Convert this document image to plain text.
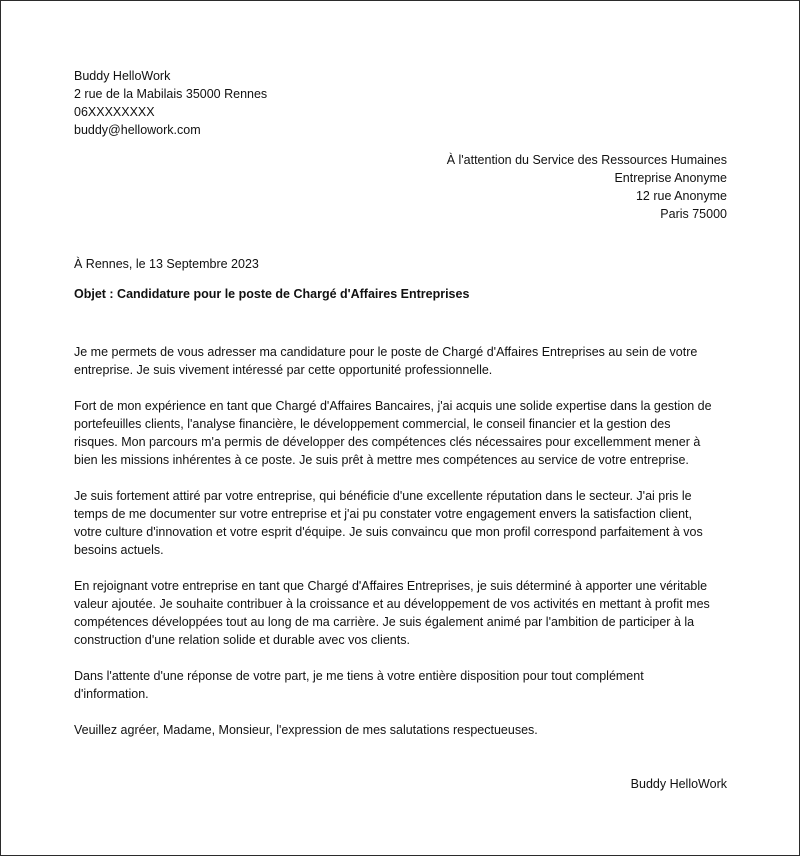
Buddy HelloWork
2 rue de la Mabilais 35000 Rennes
06XXXXXXXX
buddy@hellowork.com
À l'attention du Service des Ressources Humaines
Entreprise Anonyme
12 rue Anonyme
Paris 75000
À Rennes, le 13 Septembre 2023
Objet : Candidature pour le poste de Chargé d'Affaires Entreprises

Je me permets de vous adresser ma candidature pour le poste de Chargé d'Affaires Entreprises au sein de votre
entreprise. Je suis vivement intéressé par cette opportunité professionnelle.

Fort de mon expérience en tant que Chargé d'Affaires Bancaires, j'ai acquis une solide expertise dans la gestion de
portefeuilles clients, l'analyse financière, le développement commercial, le conseil financier et la gestion des
risques. Mon parcours m'a permis de développer des compétences clés nécessaires pour excellemment mener à
bien les missions inhérentes à ce poste. Je suis prêt à mettre mes compétences au service de votre entreprise.

Je suis fortement attiré par votre entreprise, qui bénéficie d'une excellente réputation dans le secteur. J'ai pris le
temps de me documenter sur votre entreprise et j'ai pu constater votre engagement envers la satisfaction client,
votre culture d'innovation et votre esprit d'équipe. Je suis convaincu que mon profil correspond parfaitement à vos
besoins actuels.

En rejoignant votre entreprise en tant que Chargé d'Affaires Entreprises, je suis déterminé à apporter une véritable
valeur ajoutée. Je souhaite contribuer à la croissance et au développement de vos activités en mettant à profit mes
compétences développées tout au long de ma carrière. Je suis également animé par l'ambition de participer à la
construction d'une relation solide et durable avec vos clients.

Dans l'attente d'une réponse de votre part, je me tiens à votre entière disposition pour tout complément
d'information.

Veuillez agréer, Madame, Monsieur, l'expression de mes salutations respectueuses.

Buddy HelloWork
